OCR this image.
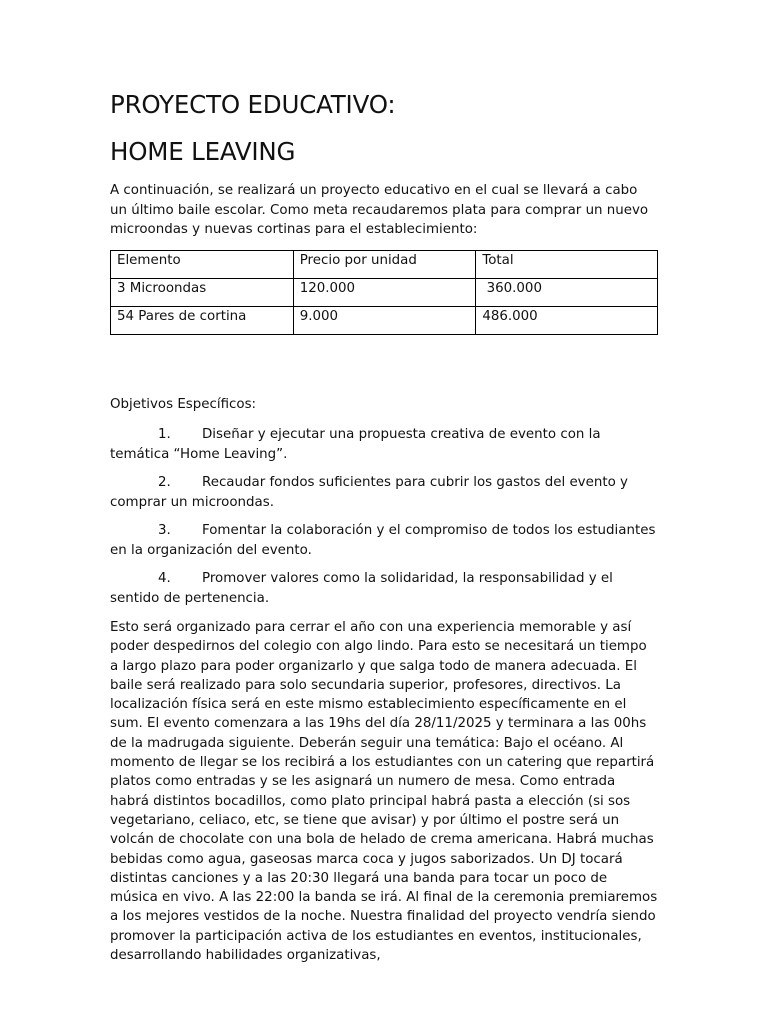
PROYECTO EDUCATIVO:
HOME LEAVING

A continuación, se realizará un proyecto educativo en el cual se llevará a cabo un último baile escolar. Como meta recaudaremos plata para comprar un nuevo microondas y nuevas cortinas para el establecimiento:

Elemento	Precio por unidad	Total
3 Microondas	120.000	360.000
54 Pares de cortina	9.000	486.000

Objetivos Específicos:

1. Diseñar y ejecutar una propuesta creativa de evento con la temática “Home Leaving”.

2. Recaudar fondos suficientes para cubrir los gastos del evento y comprar un microondas.

3. Fomentar la colaboración y el compromiso de todos los estudiantes en la organización del evento.

4. Promover valores como la solidaridad, la responsabilidad y el sentido de pertenencia.

Esto será organizado para cerrar el año con una experiencia memorable y así poder despedirnos del colegio con algo lindo. Para esto se necesitará un tiempo a largo plazo para poder organizarlo y que salga todo de manera adecuada. El baile será realizado para solo secundaria superior, profesores, directivos. La localización física será en este mismo establecimiento específicamente en el sum. El evento comenzara a las 19hs del día 28/11/2025 y terminara a las 00hs de la madrugada siguiente. Deberán seguir una temática: Bajo el océano. Al momento de llegar se los recibirá a los estudiantes con un catering que repartirá platos como entradas y se les asignará un numero de mesa. Como entrada habrá distintos bocadillos, como plato principal habrá pasta a elección (si sos vegetariano, celiaco, etc, se tiene que avisar) y por último el postre será un volcán de chocolate con una bola de helado de crema americana. Habrá muchas bebidas como agua, gaseosas marca coca y jugos saborizados. Un DJ tocará distintas canciones y a las 20:30 llegará una banda para tocar un poco de música en vivo. A las 22:00 la banda se irá. Al final de la ceremonia premiaremos a los mejores vestidos de la noche. Nuestra finalidad del proyecto vendría siendo promover la participación activa de los estudiantes en eventos, institucionales, desarrollando habilidades organizativas,
